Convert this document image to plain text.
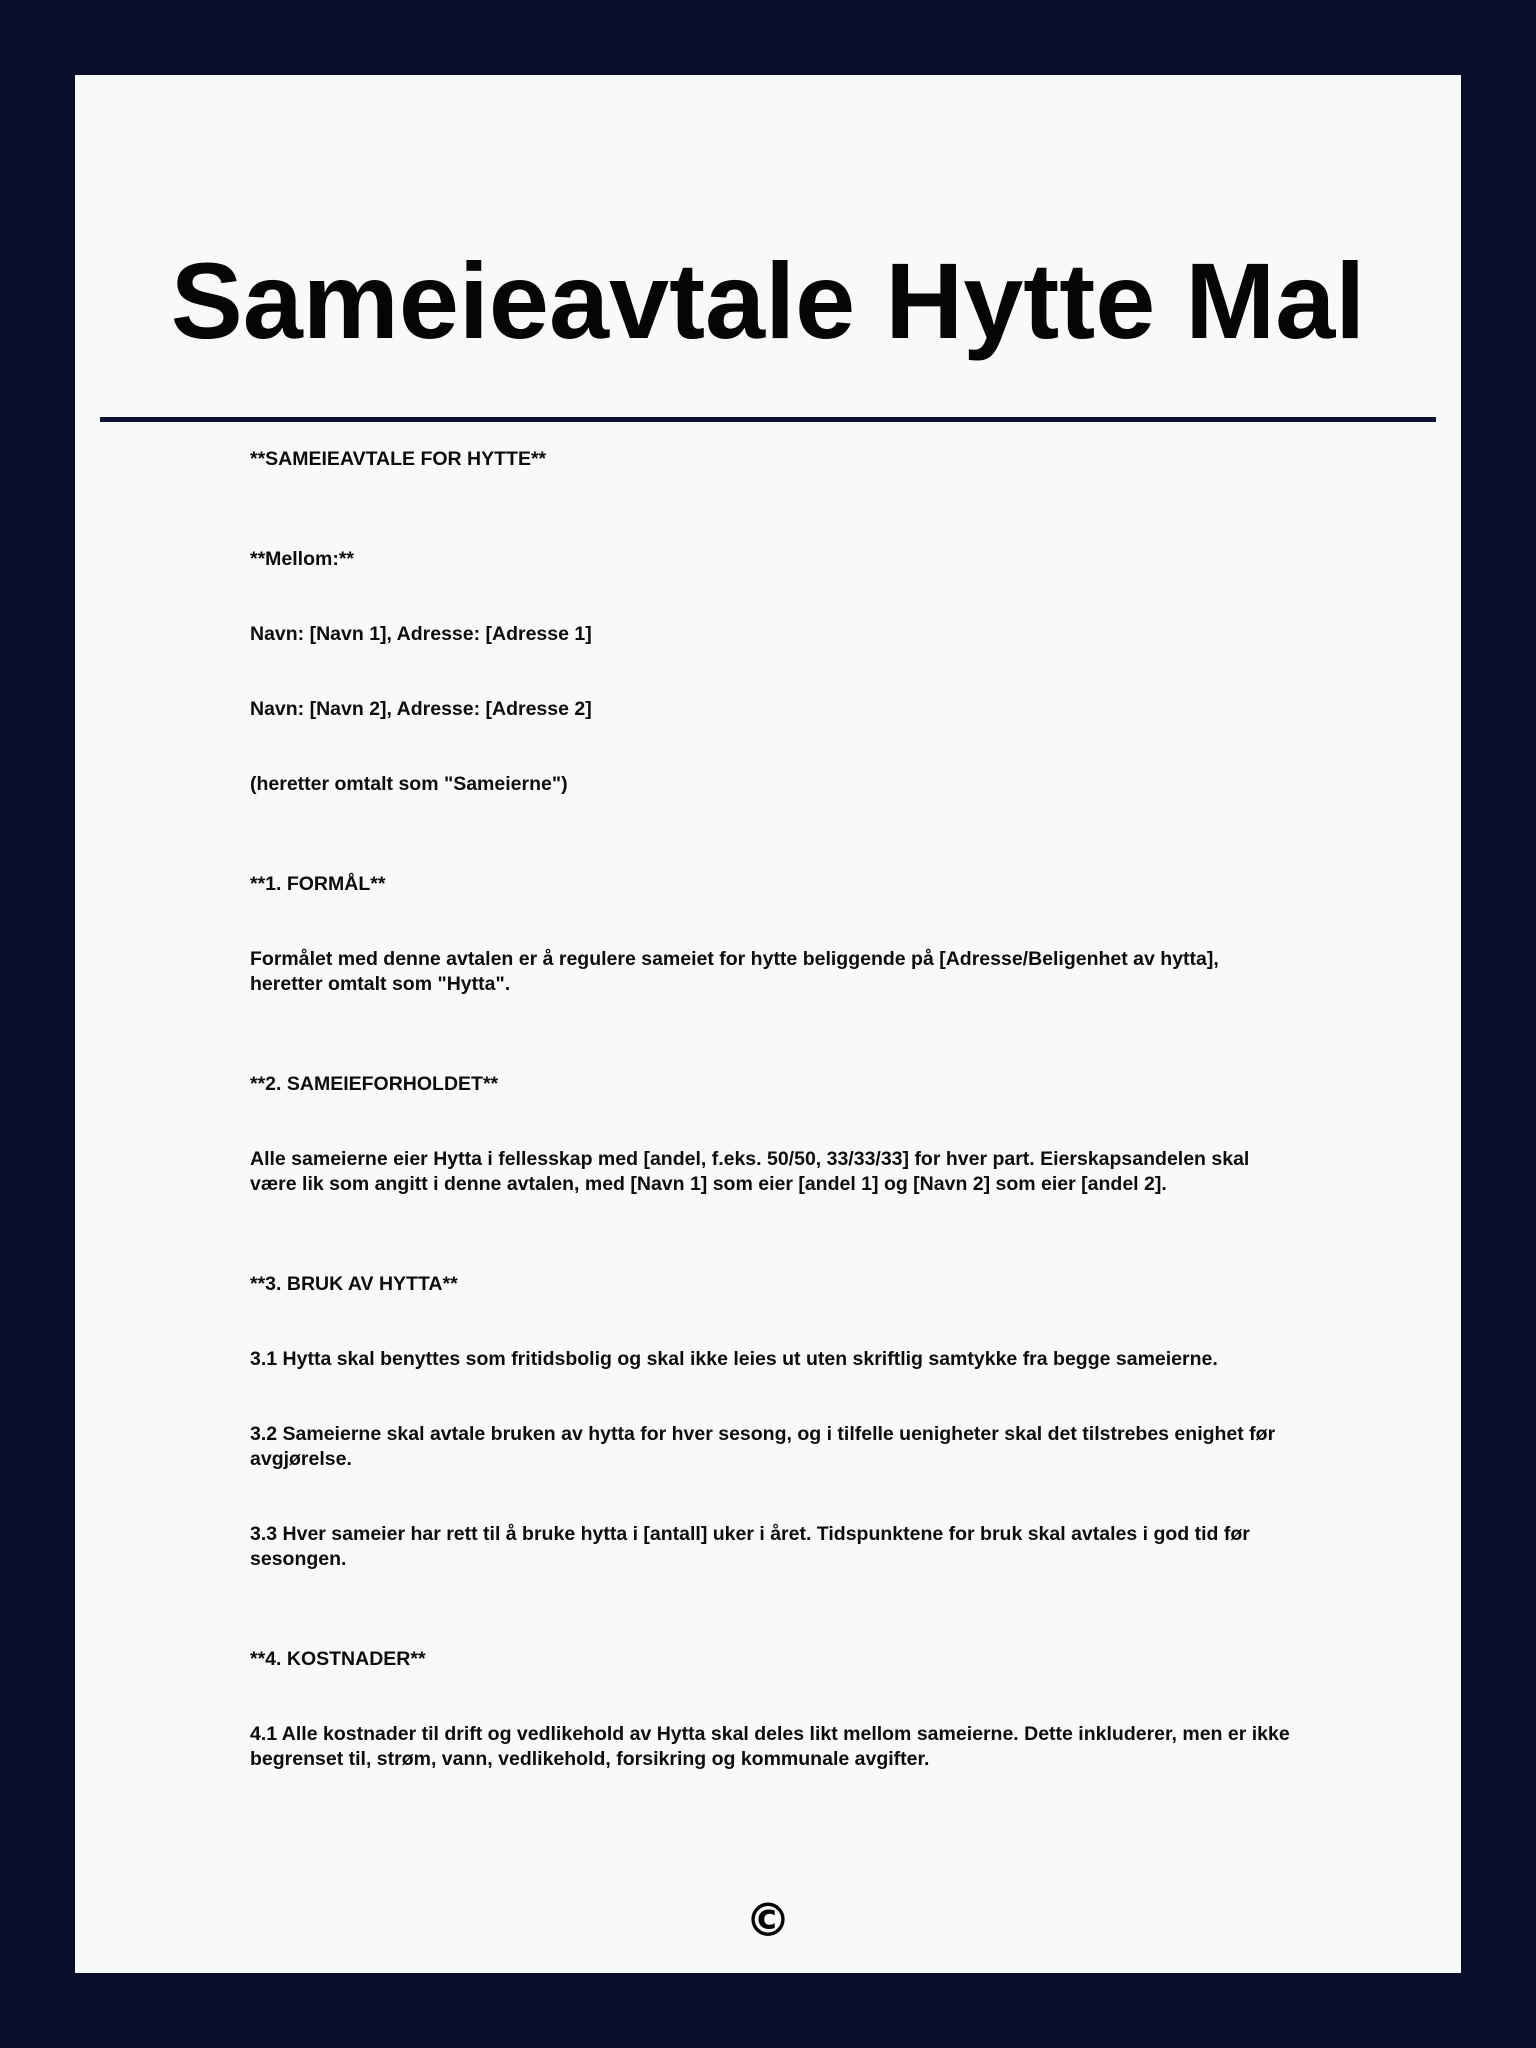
Sameieavtale Hytte Mal

**SAMEIEAVTALE FOR HYTTE**

**Mellom:**

Navn: [Navn 1], Adresse: [Adresse 1]

Navn: [Navn 2], Adresse: [Adresse 2]

(heretter omtalt som "Sameierne")

**1. FORMÅL**

Formålet med denne avtalen er å regulere sameiet for hytte beliggende på [Adresse/Beligenhet av hytta], heretter omtalt som "Hytta".

**2. SAMEIEFORHOLDET**

Alle sameierne eier Hytta i fellesskap med [andel, f.eks. 50/50, 33/33/33] for hver part. Eierskapsandelen skal være lik som angitt i denne avtalen, med [Navn 1] som eier [andel 1] og [Navn 2] som eier [andel 2].

**3. BRUK AV HYTTA**

3.1 Hytta skal benyttes som fritidsbolig og skal ikke leies ut uten skriftlig samtykke fra begge sameierne.

3.2 Sameierne skal avtale bruken av hytta for hver sesong, og i tilfelle uenigheter skal det tilstrebes enighet før avgjørelse.

3.3 Hver sameier har rett til å bruke hytta i [antall] uker i året. Tidspunktene for bruk skal avtales i god tid før sesongen.

**4. KOSTNADER**

4.1 Alle kostnader til drift og vedlikehold av Hytta skal deles likt mellom sameierne. Dette inkluderer, men er ikke begrenset til, strøm, vann, vedlikehold, forsikring og kommunale avgifter.

©
